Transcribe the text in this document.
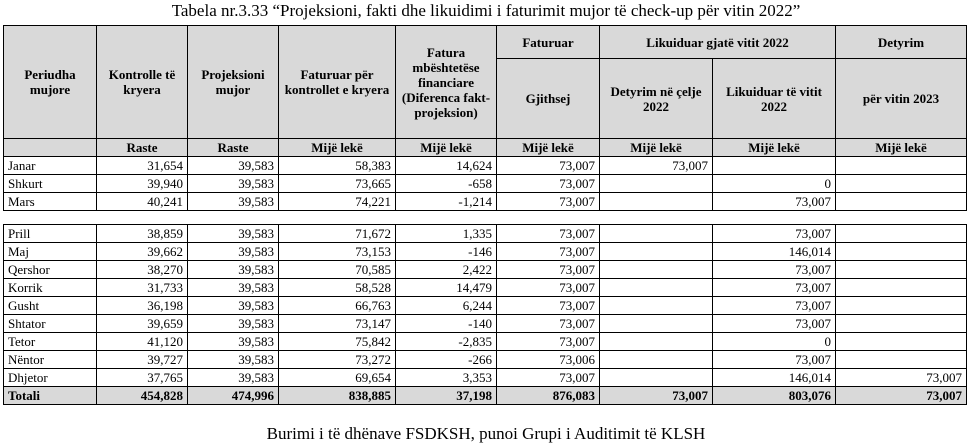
Tabela nr.3.33 “Projeksioni, fakti dhe likuidimi i faturimit mujor të check-up për vitin 2022”
Periudha mujore	Kontrolle të kryera	Projeksioni mujor	Faturuar për kontrollet e kryera	Fatura mbështetëse financiare (Diferenca fakt-projeksion)	Faturuar	Likuiduar gjatë vitit 2022		Detyrim
					Gjithsej	Detyrim në çelje 2022	Likuiduar të vitit 2022	për vitin 2023
	Raste	Raste	Mijë lekë	Mijë lekë	Mijë lekë	Mijë lekë	Mijë lekë	Mijë lekë
Janar	31,654	39,583	58,383	14,624	73,007	73,007		
Shkurt	39,940	39,583	73,665	-658	73,007		0	
Mars	40,241	39,583	74,221	-1,214	73,007		73,007	

Prill	38,859	39,583	71,672	1,335	73,007		73,007	
Maj	39,662	39,583	73,153	-146	73,007		146,014	
Qershor	38,270	39,583	70,585	2,422	73,007		73,007	
Korrik	31,733	39,583	58,528	14,479	73,007		73,007	
Gusht	36,198	39,583	66,763	6,244	73,007		73,007	
Shtator	39,659	39,583	73,147	-140	73,007		73,007	
Tetor	41,120	39,583	75,842	-2,835	73,007		0	
Nëntor	39,727	39,583	73,272	-266	73,006		73,007	
Dhjetor	37,765	39,583	69,654	3,353	73,007		146,014	73,007
Totali	454,828	474,996	838,885	37,198	876,083	73,007	803,076	73,007
Burimi i të dhënave FSDKSH, punoi Grupi i Auditimit të KLSH
